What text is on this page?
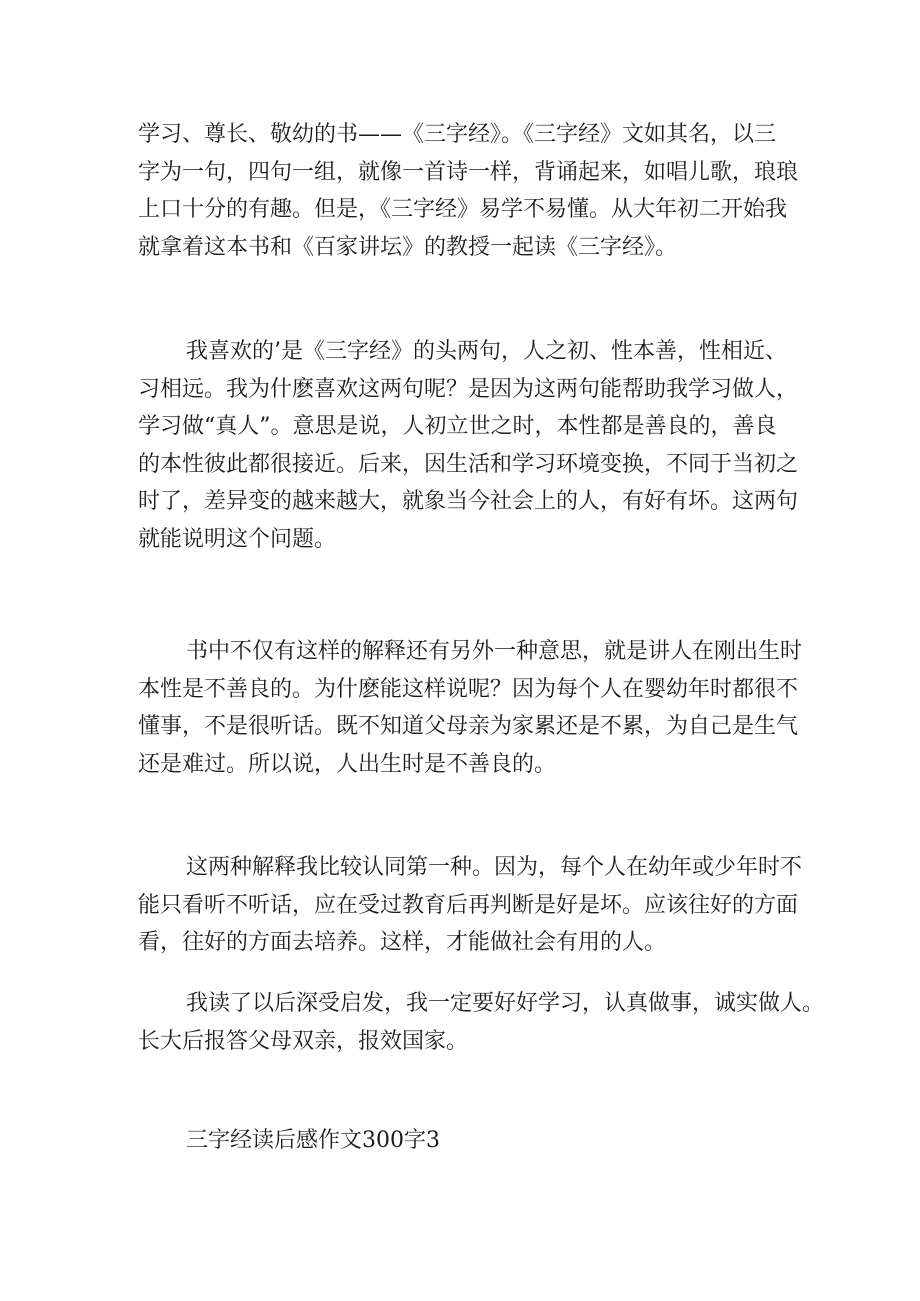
学习、尊长、敬幼的书——《三字经》。《三字经》文如其名，以三
字为一句，四句一组，就像一首诗一样，背诵起来，如唱儿歌，琅琅
上口十分的有趣。但是，《三字经》易学不易懂。从大年初二开始我
就拿着这本书和《百家讲坛》的教授一起读《三字经》。
我喜欢的’是《三字经》的头两句，人之初、性本善，性相近、
习相远。我为什麽喜欢这两句呢？是因为这两句能帮助我学习做人，
学习做“真人”。意思是说，人初立世之时，本性都是善良的，善良
的本性彼此都很接近。后来，因生活和学习环境变换，不同于当初之
时了，差异变的越来越大，就象当今社会上的人，有好有坏。这两句
就能说明这个问题。
书中不仅有这样的解释还有另外一种意思，就是讲人在刚出生时
本性是不善良的。为什麽能这样说呢？因为每个人在婴幼年时都很不
懂事，不是很听话。既不知道父母亲为家累还是不累，为自己是生气
还是难过。所以说，人出生时是不善良的。
这两种解释我比较认同第一种。因为，每个人在幼年或少年时不
能只看听不听话，应在受过教育后再判断是好是坏。应该往好的方面
看，往好的方面去培养。这样，才能做社会有用的人。
我读了以后深受启发，我一定要好好学习，认真做事，诚实做人。
长大后报答父母双亲，报效国家。
三字经读后感作文300字3
